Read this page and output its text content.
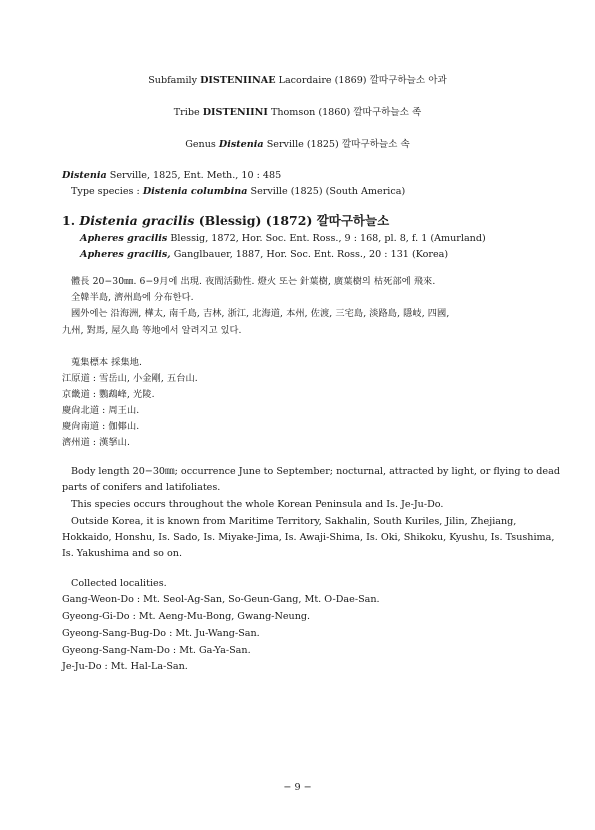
Subfamily DISTENIINAE Lacordaire (1869) 깔따구하늘소 아과
Tribe DISTENIINI Thomson (1860) 깔따구하늘소 족
Genus Distenia Serville (1825) 깔따구하늘소 속
Distenia Serville, 1825, Ent. Meth., 10 : 485
Type species : Distenia columbina Serville (1825) (South America)
1. Distenia gracilis (Blessig) (1872) 깔따구하늘소
Apheres gracilis Blessig, 1872, Hor. Soc. Ent. Ross., 9 : 168, pl. 8, f. 1 (Amurland)
Apheres gracilis, Ganglbauer, 1887, Hor. Soc. Ent. Ross., 20 : 131 (Korea)
體長 20−30㎜. 6−9月에 出現. 夜間活動性. 燈火 또는 針葉樹, 廣葉樹의 枯死部에 飛來.
全韓半島, 濟州島에 分布한다.
國外에는 沿海洲, 樺太, 南千島, 吉林, 浙江, 北海道, 本州, 佐渡, 三宅島, 淡路島, 隱岐, 四國,
九州, 對馬, 屋久島 等地에서 알려지고 있다.
蒐集標本 採集地.
江原道 : 雪岳山, 小金剛, 五台山.
京畿道 : 鸚鵡峰, 光陵.
慶尙北道 : 周王山.
慶尙南道 : 伽倻山.
濟州道 : 漢拏山.
Body length 20−30㎜; occurrence June to September; nocturnal, attracted by light, or flying to dead
parts of conifers and latifoliates.
This species occurs throughout the whole Korean Peninsula and Is. Je-Ju-Do.
Outside Korea, it is known from Maritime Territory, Sakhalin, South Kuriles, Jilin, Zhejiang,
Hokkaido, Honshu, Is. Sado, Is. Miyake-Jima, Is. Awaji-Shima, Is. Oki, Shikoku, Kyushu, Is. Tsushima,
Is. Yakushima and so on.
Collected localities.
Gang-Weon-Do : Mt. Seol-Ag-San, So-Geun-Gang, Mt. O-Dae-San.
Gyeong-Gi-Do : Mt. Aeng-Mu-Bong, Gwang-Neung.
Gyeong-Sang-Bug-Do : Mt. Ju-Wang-San.
Gyeong-Sang-Nam-Do : Mt. Ga-Ya-San.
Je-Ju-Do : Mt. Hal-La-San.
− 9 −
